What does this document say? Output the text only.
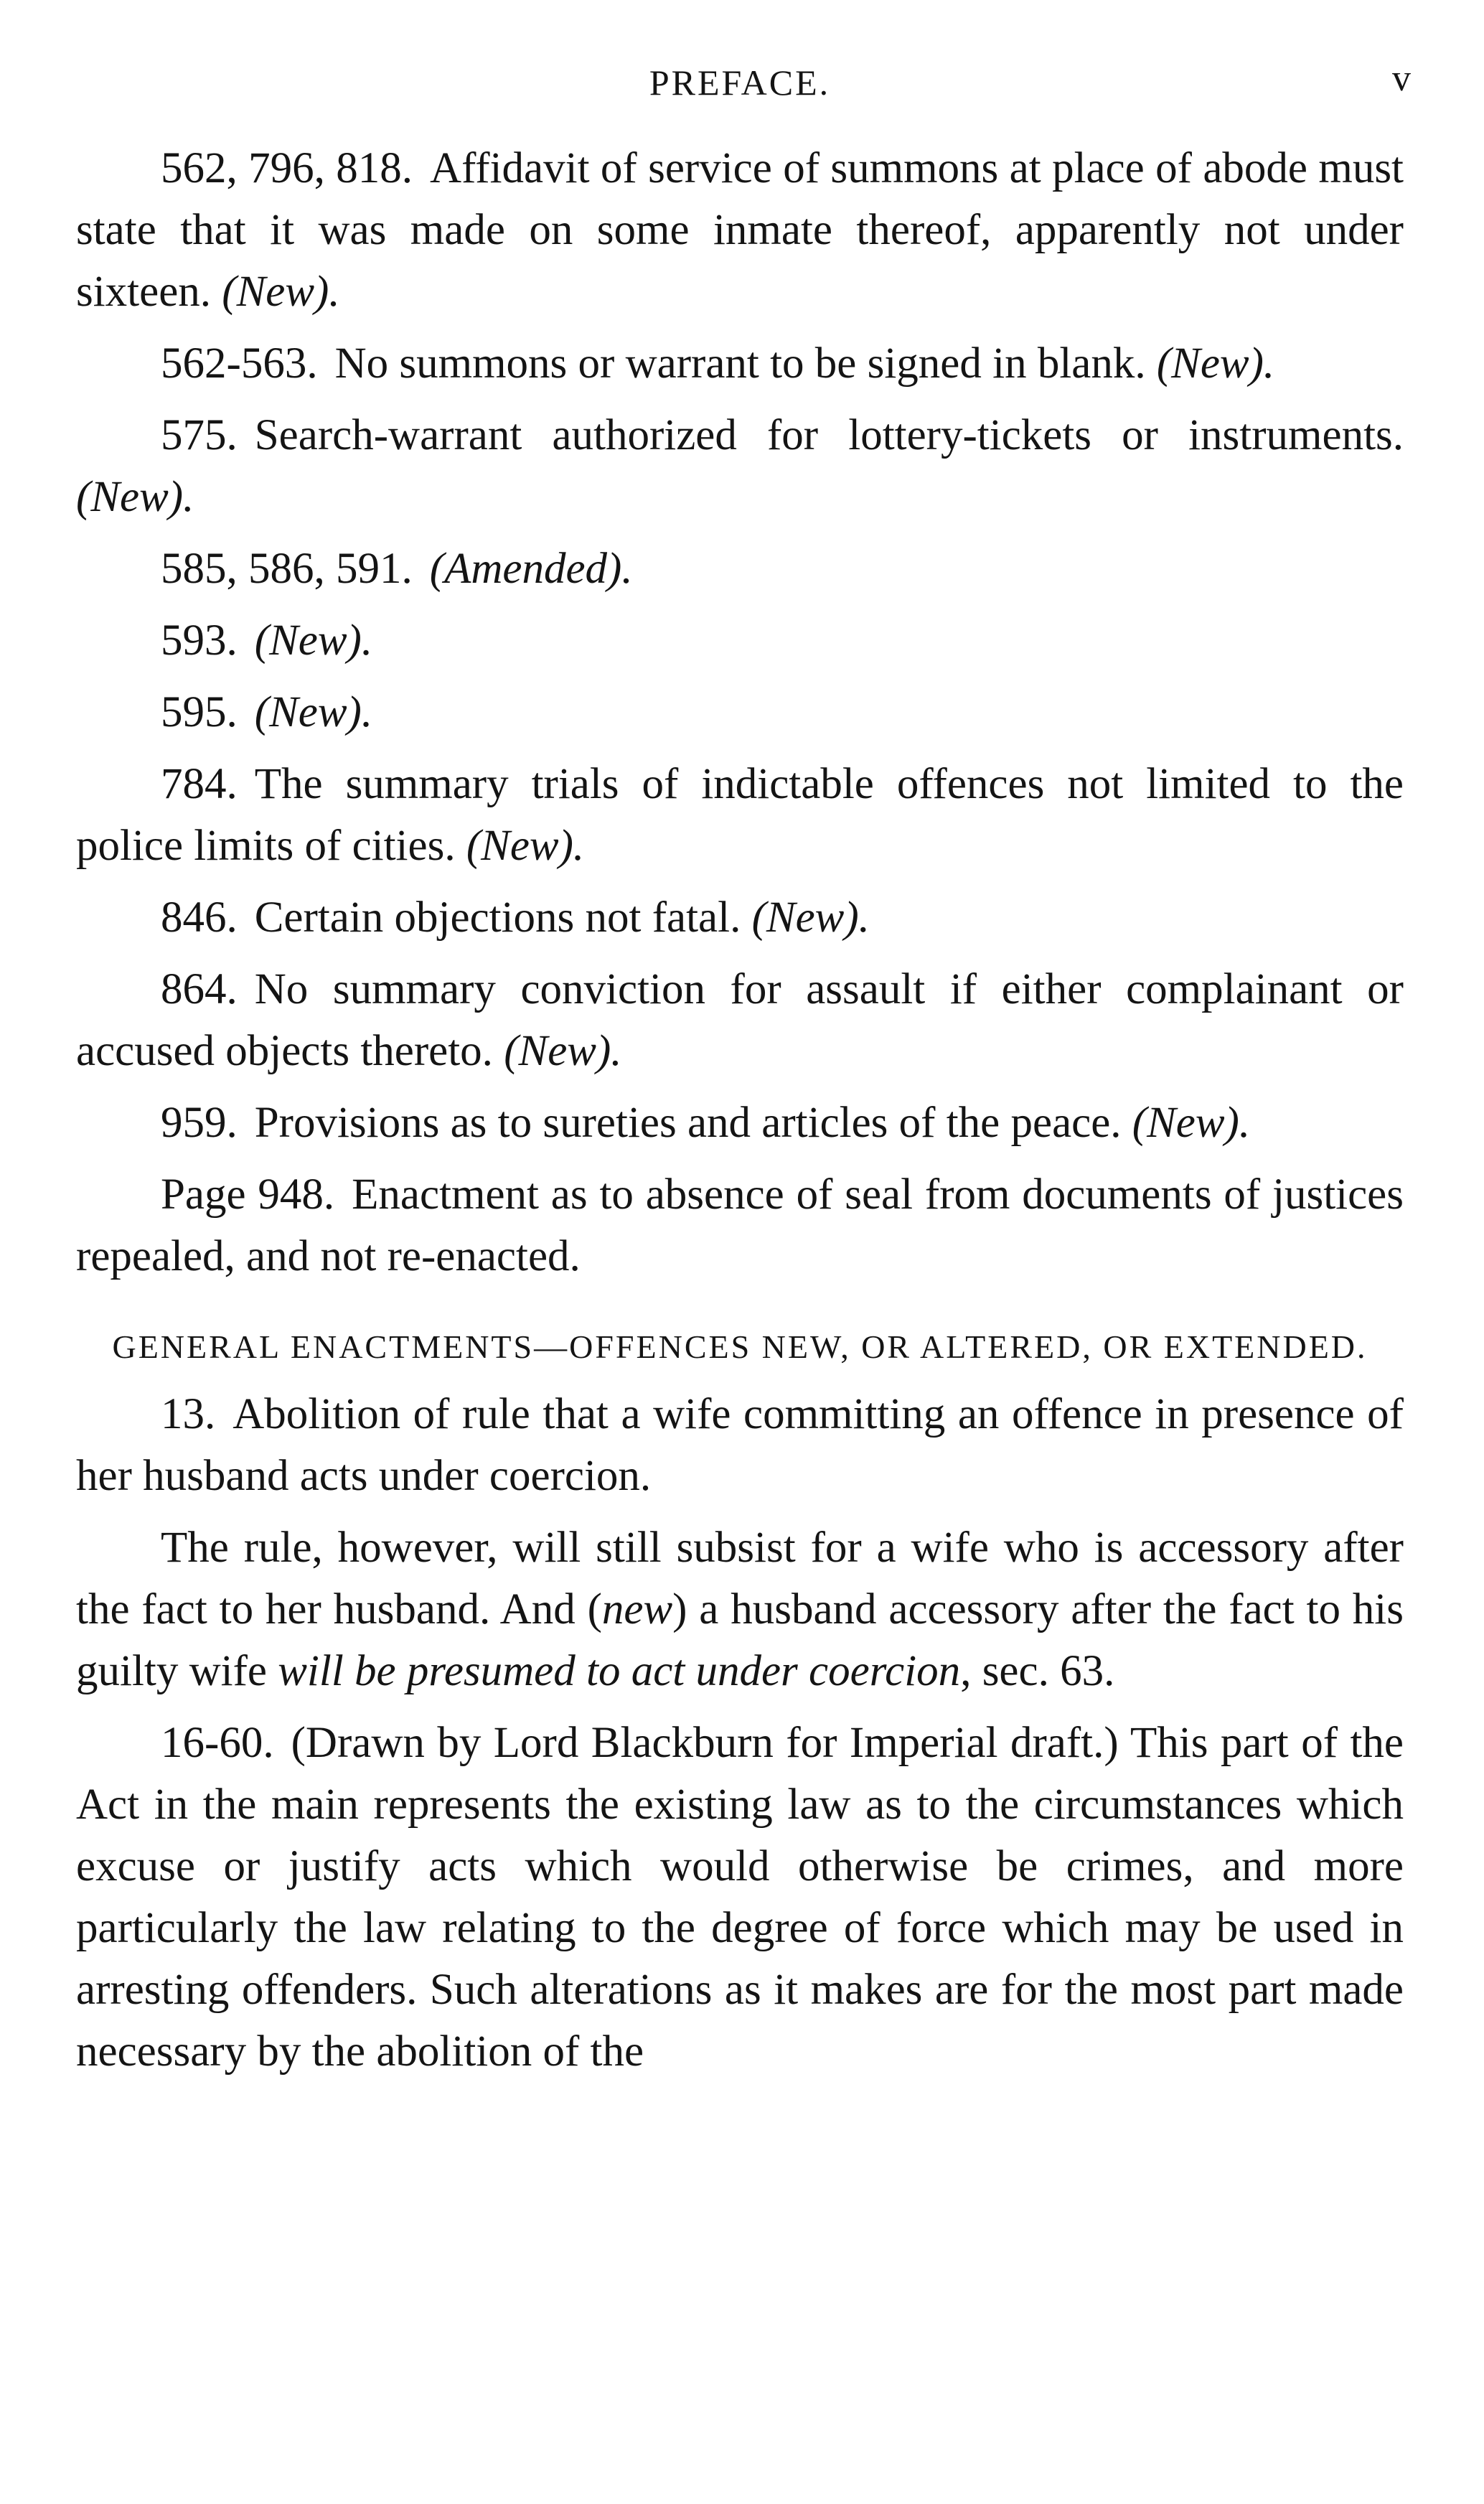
PREFACE.	v

562, 796, 818. Affidavit of service of summons at place of abode must state that it was made on some inmate thereof, apparently not under sixteen. (New).

562-563. No summons or warrant to be signed in blank. (New).

575. Search-warrant authorized for lottery-tickets or instruments. (New).

585, 586, 591. (Amended).

593. (New).

595. (New).

784. The summary trials of indictable offences not limited to the police limits of cities. (New).

846. Certain objections not fatal. (New).

864. No summary conviction for assault if either complainant or accused objects thereto. (New).

959. Provisions as to sureties and articles of the peace. (New).

Page 948. Enactment as to absence of seal from documents of justices repealed, and not re-enacted.

GENERAL ENACTMENTS—OFFENCES NEW, OR ALTERED, OR EXTENDED.

13. Abolition of rule that a wife committing an offence in presence of her husband acts under coercion.

The rule, however, will still subsist for a wife who is accessory after the fact to her husband. And (new) a husband accessory after the fact to his guilty wife will be presumed to act under coercion, sec. 63.

16-60. (Drawn by Lord Blackburn for Imperial draft.) This part of the Act in the main represents the existing law as to the circumstances which excuse or justify acts which would otherwise be crimes, and more particularly the law relating to the degree of force which may be used in arresting offenders. Such alterations as it makes are for the most part made necessary by the abolition of the
